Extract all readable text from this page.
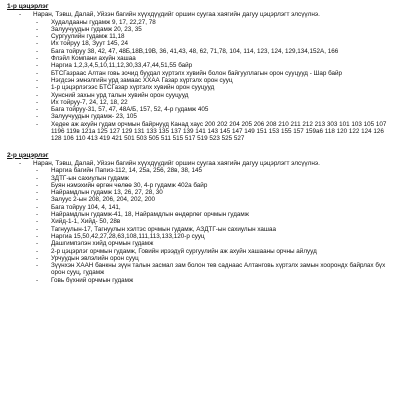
1-р цэцэрлэг

- Наран, Тэвш, Далай, Уйзэн багийн хүүхдүүдийг оршин суугаа хаягийн дагуу цэцэрлэгт элсүүлнэ.

- Худалдааны гудамж 9, 17, 22,27, 78
- Залуучуудын гудамж 20, 23, 35
- Сургуулийн гудамж 11,18
- Их тойруу 18, Зуут 145, 24
- Бага тойруу 38, 42, 47, 48Б,18В,19В, 36, 41,43, 48, 62, 71,78, 104, 114, 123, 124, 129,134,152А, 166
- Флэйл Компани ахуйн хашаа
- Наргиа 1,2,3,4,5,10,11,12,30,33,47,44,51,55 байр
- БТСГазрaac Алтан говь зочид буудал хүртэлх хувийн болон байгууллагын орон сууцууд - Шар байр
- Нэгдсэн эмнэлгийн урд замаас ХХАА Газар хүртэлх орон сууц
- 1-р цэцэрлэгээс БТСГазар хүртэлх хувийн орон сууцууд
- Хунсний захын урд талын хувийн орон сууцууд
- Их тойруу-7, 24, 12, 18, 22
- Бага тойруу-31, 57, 47, 48А/Б, 157, 52, 4-р гудамж 405
- Залуучуудын гудамж- 23, 105
- Хедее аж ахуйн гудам орчмын байрнууд Канад хаус 200 202 204 205 206 208 210 211 212 213 303 101 103 105 107 1196 119в 121а 125 127 129 131 133 135 137 139 141 143 145 147 149 151 153 155 157 159а6 118 120 122 124 126 128 106 110 413 419 421 501 503 505 511 515 517 519 523 525 527
2-р цэцэрлэг

- Наран, Тэвш, Далай, Уйзэн багийн хүүхдүүдийг оршин суугаа хаягийн дагуу цэцэрлэгт элсүүлнэ.

- Наргиа багийн Папиз-112, 14, 25а, 256, 28в, 38, 145
- ЗДТГ-ын сахиулын гудамж
- Буян нэмэхийн өргөн чөлөө 30, 4-р гудамж 402а байр
- Найрамдлын гудамж 13, 26, 27, 28, 30
- Залуус 2-ын 208, 206, 204, 202, 200
- Бага тойруу 104, 4, 141,
- Найрамдлын гудамж-41, 18, Найрамдлын өндөрлөг орчмын гудамж
- Хийд-1-1, Хийд- 50, 28в
- Тагнуулын-17, Тагнуулын хэлтэс орчмын гудамж, АЗДТГ-ын сахиулын хашаа
- Наргиа 15,50,42,27,28,63,108,111,113,133,120-р сууц
- Дашгимпэлэн хийд орчмын гудамж
- 2-р цэцэрлэг орчмын гудамж, Говийн ирээдүй сургуулийн аж ахуйн хашааны орчны айлууд
- Урчуудын эвлэлийн орон сууц
- Зүүнхэн ХААН банкны зүүн талын засмал зам болон тев саднаас Алтанговь хүртэлх замын хоорондх байрлах бүх орон сууц, гудамж
- Говь бүхний орчмын гудамж
